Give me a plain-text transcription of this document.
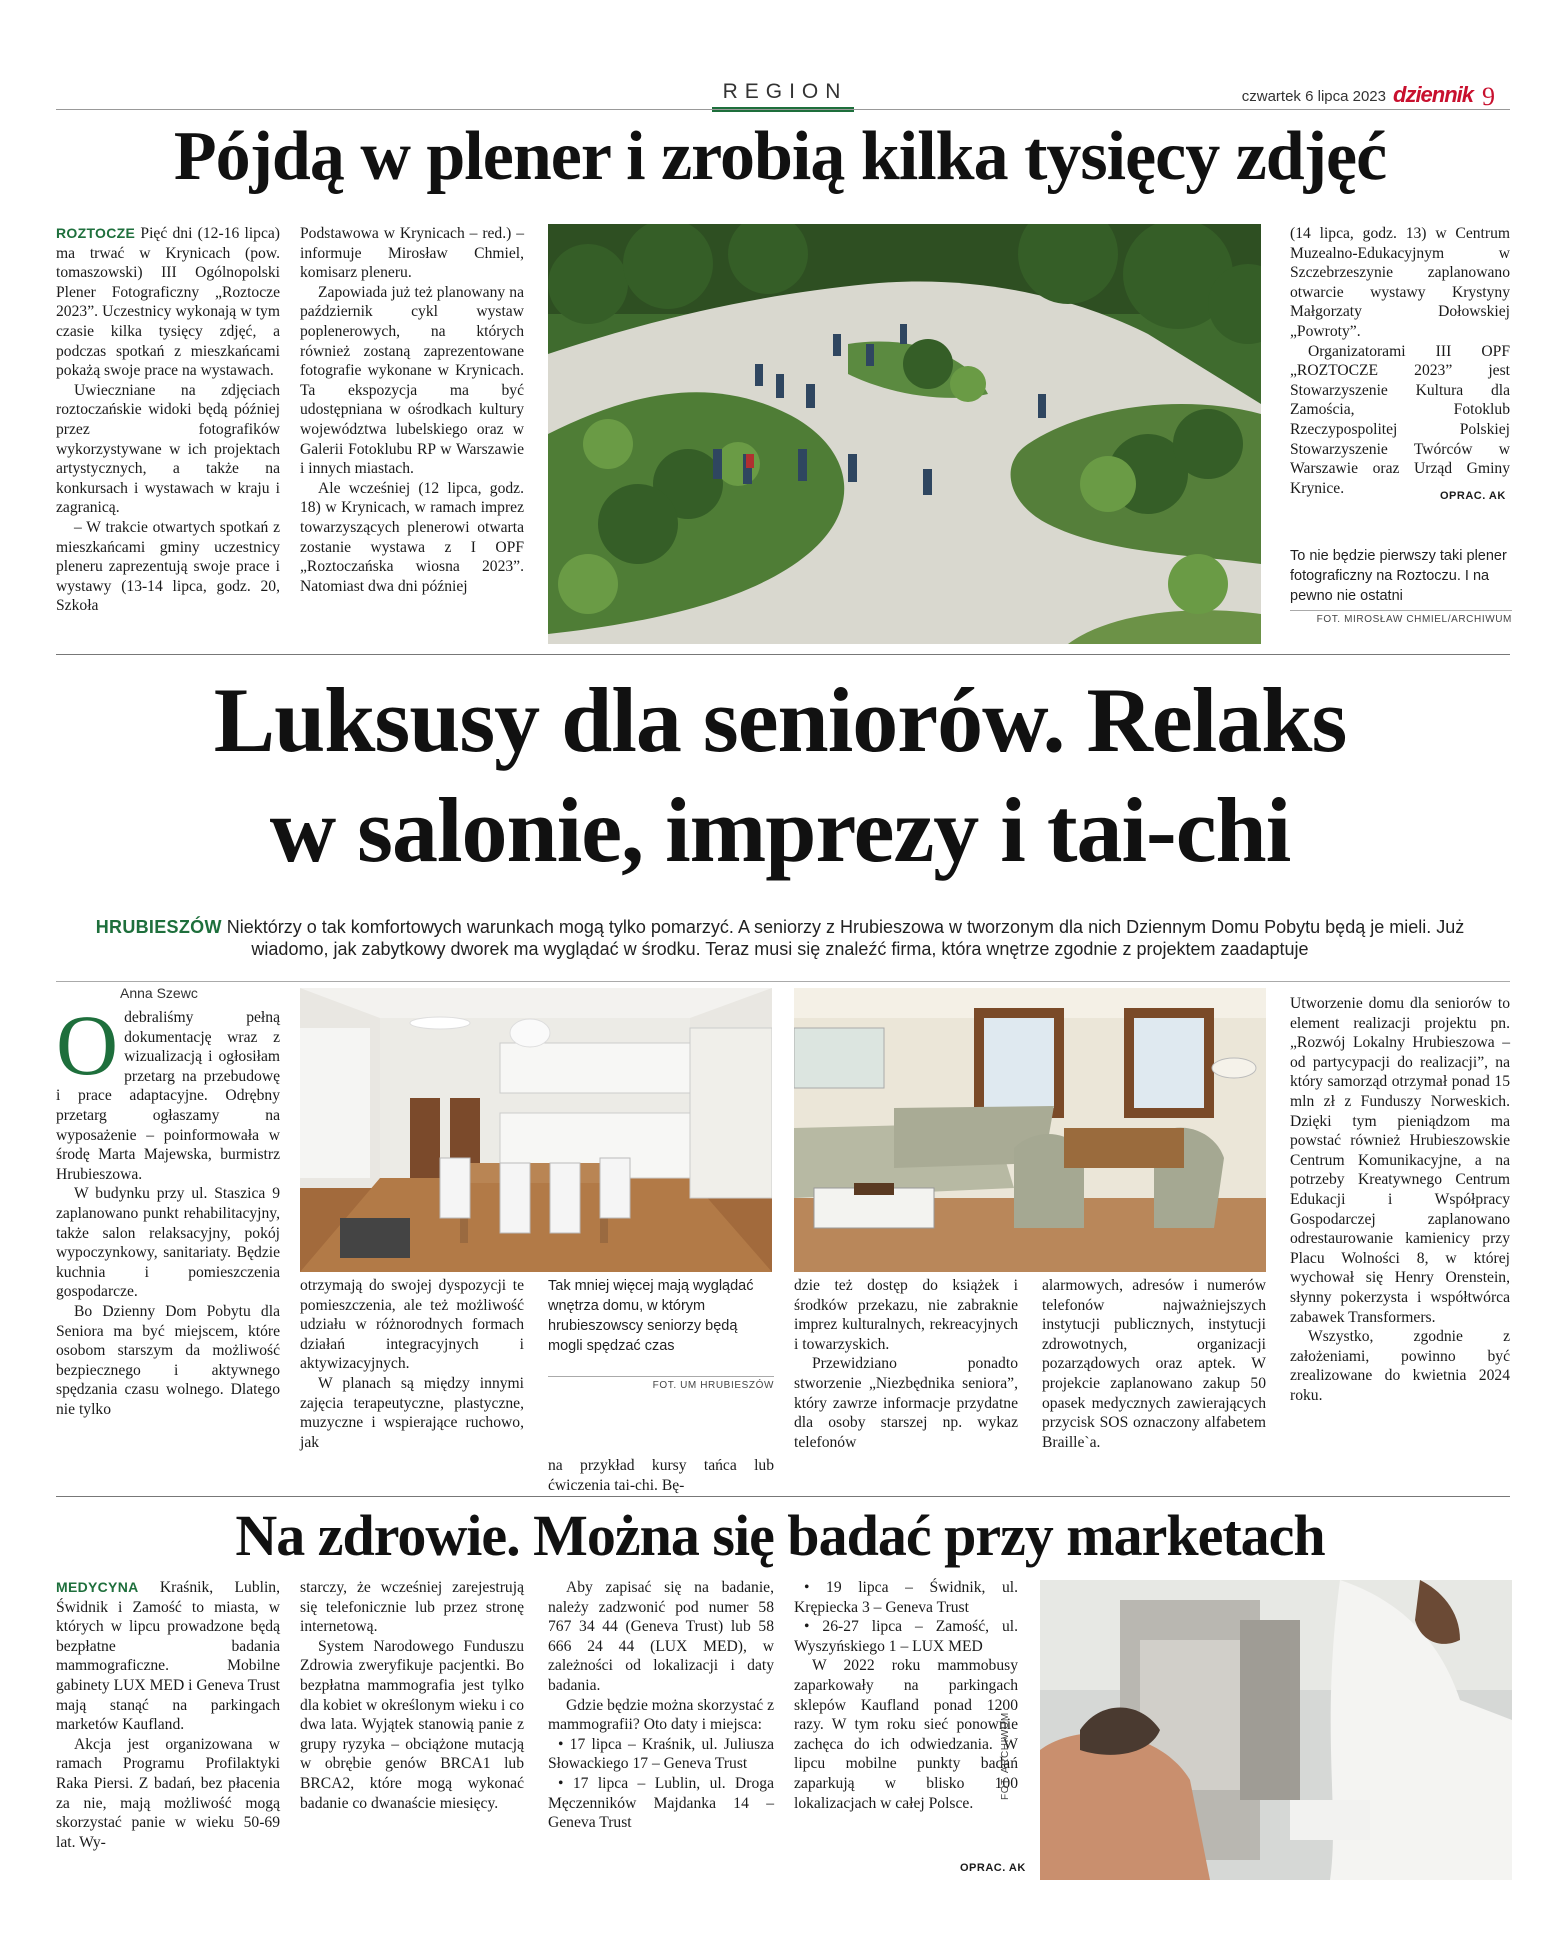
REGION	czwartek 6 lipca 2023 dziennik 9
Pójdą w plener i zrobią kilka tysięcy zdjęć

ROZTOCZE Pięć dni (12-16 lipca) ma trwać w Krynicach (pow. tomaszowski) III Ogólnopolski Plener Fotograficzny „Roztocze 2023”. Uczestnicy wykonają w tym czasie kilka tysięcy zdjęć, a podczas spotkań z mieszkańcami pokażą swoje prace na wystawach.

Uwieczniane na zdjęciach roztoczańskie widoki będą później przez fotografików wykorzystywane w ich projektach artystycznych, a także na konkursach i wystawach w kraju i zagranicą.

– W trakcie otwartych spotkań z mieszkańcami gminy uczestnicy pleneru zaprezentują swoje prace i wystawy (13-14 lipca, godz. 20, Szkoła

Podstawowa w Krynicach – red.) – informuje Mirosław Chmiel, komisarz pleneru.

Zapowiada już też planowany na październik cykl wystaw poplenerowych, na których również zostaną zaprezentowane fotografie wykonane w Krynicach. Ta ekspozycja ma być udostępniana w ośrodkach kultury województwa lubelskiego oraz w Galerii Fotoklubu RP w Warszawie i innych miastach.

Ale wcześniej (12 lipca, godz. 18) w Krynicach, w ramach imprez towarzyszących plenerowi otwarta zostanie wystawa z I OPF „Roztoczańska wiosna 2023”. Natomiast dwa dni później

(14 lipca, godz. 13) w Centrum Muzealno-Edukacyjnym w Szczebrzeszynie zaplanowano otwarcie wystawy Krystyny Małgorzaty Dołowskiej „Powroty”.

Organizatorami III OPF „ROZTOCZE 2023” jest Stowarzyszenie Kultura dla Zamościa, Fotoklub Rzeczypospolitej Polskiej Stowarzyszenie Twórców w Warszawie oraz Urząd Gminy Krynice.	OPRAC. AK
To nie będzie pierwszy taki plener fotograficzny na Roztoczu. I na pewno nie ostatni
FOT. MIROSŁAW CHMIEL/ARCHIWUM
Luksusy dla seniorów. Relaks
w salonie, imprezy i tai-chi
HRUBIESZÓW Niektórzy o tak komfortowych warunkach mogą tylko pomarzyć. A seniorzy z Hrubieszowa w tworzonym dla nich Dziennym Domu Pobytu będą je mieli. Już wiadomo, jak zabytkowy dworek ma wyglądać w środku. Teraz musi się znaleźć firma, która wnętrze zgodnie z projektem zaadaptuje
Anna Szewc

Odebraliśmy pełną dokumentację wraz z wizualizacją i ogłosiłam przetarg na przebudowę i prace adaptacyjne. Odrębny przetarg ogłaszamy na wyposażenie – poinformowała w środę Marta Majewska, burmistrz Hrubieszowa.

W budynku przy ul. Staszica 9 zaplanowano punkt rehabilitacyjny, także salon relaksacyjny, pokój wypoczynkowy, sanitariaty. Będzie kuchnia i pomieszczenia gospodarcze.

Bo Dzienny Dom Pobytu dla Seniora ma być miejscem, które osobom starszym da możliwość bezpiecznego i aktywnego spędzania czasu wolnego. Dlatego nie tylko

otrzymają do swojej dyspozycji te pomieszczenia, ale też możliwość udziału w różnorodnych formach działań integracyjnych i aktywizacyjnych.

W planach są między innymi zajęcia terapeutyczne, plastyczne, muzyczne i wspierające ruchowo, jak

Tak mniej więcej mają wyglądać wnętrza domu, w którym hrubieszowscy seniorzy będą mogli spędzać czas
FOT. UM HRUBIESZÓW

na przykład kursy tańca lub ćwiczenia tai-chi. Bę-

dzie też dostęp do książek i środków przekazu, nie zabraknie imprez kulturalnych, rekreacyjnych i towarzyskich.

Przewidziano ponadto stworzenie „Niezbędnika seniora”, który zawrze informacje przydatne dla osoby starszej np. wykaz telefonów

alarmowych, adresów i numerów telefonów najważniejszych instytucji publicznych, instytucji zdrowotnych, organizacji pozarządowych oraz aptek. W projekcie zaplanowano zakup 50 opasek medycznych zawierających przycisk SOS oznaczony alfabetem Braille`a.

Utworzenie domu dla seniorów to element realizacji projektu pn. „Rozwój Lokalny Hrubieszowa – od partycypacji do realizacji”, na który samorząd otrzymał ponad 15 mln zł z Funduszy Norweskich. Dzięki tym pieniądzom ma powstać również Hrubieszowskie Centrum Komunikacyjne, a na potrzeby Kreatywnego Centrum Edukacji i Współpracy Gospodarczej zaplanowano odrestaurowanie kamienicy przy Placu Wolności 8, w której wychował się Henry Orenstein, słynny pokerzysta i współtwórca zabawek Transformers.

Wszystko, zgodnie z założeniami, powinno być zrealizowane do kwietnia 2024 roku.

Na zdrowie. Można się badać przy marketach

MEDYCYNA Kraśnik, Lublin, Świdnik i Zamość to miasta, w których w lipcu prowadzone będą bezpłatne badania mammograficzne. Mobilne gabinety LUX MED i Geneva Trust mają stanąć na parkingach marketów Kaufland.

Akcja jest organizowana w ramach Programu Profilaktyki Raka Piersi. Z badań, bez płacenia za nie, mają możliwość mogą skorzystać panie w wieku 50-69 lat. Wy-

starczy, że wcześniej zarejestrują się telefonicznie lub przez stronę internetową.

System Narodowego Funduszu Zdrowia zweryfikuje pacjentki. Bo bezpłatna mammografia jest tylko dla kobiet w określonym wieku i co dwa lata. Wyjątek stanowią panie z grupy ryzyka – obciążone mutacją w obrębie genów BRCA1 lub BRCA2, które mogą wykonać badanie co dwanaście miesięcy.

Aby zapisać się na badanie, należy zadzwonić pod numer 58 767 34 44 (Geneva Trust) lub 58 666 24 44 (LUX MED), w zależności od lokalizacji i daty badania.

Gdzie będzie można skorzystać z mammografii? Oto daty i miejsca:

• 17 lipca – Kraśnik, ul. Juliusza Słowackiego 17 – Geneva Trust
• 17 lipca – Lublin, ul. Droga Męczenników Majdanka 14 – Geneva Trust
• 19 lipca – Świdnik, ul. Krępiecka 3 – Geneva Trust
• 26-27 lipca – Zamość, ul. Wyszyńskiego 1 – LUX MED

W 2022 roku mammobusy zaparkowały na parkingach sklepów Kaufland ponad 1200 razy. W tym roku sieć ponownie zachęca do ich odwiedzania. W lipcu mobilne punkty badań zaparkują w blisko 100 lokalizacjach w całej Polsce.

OPRAC. AK
FOT. ARCHIWUM
